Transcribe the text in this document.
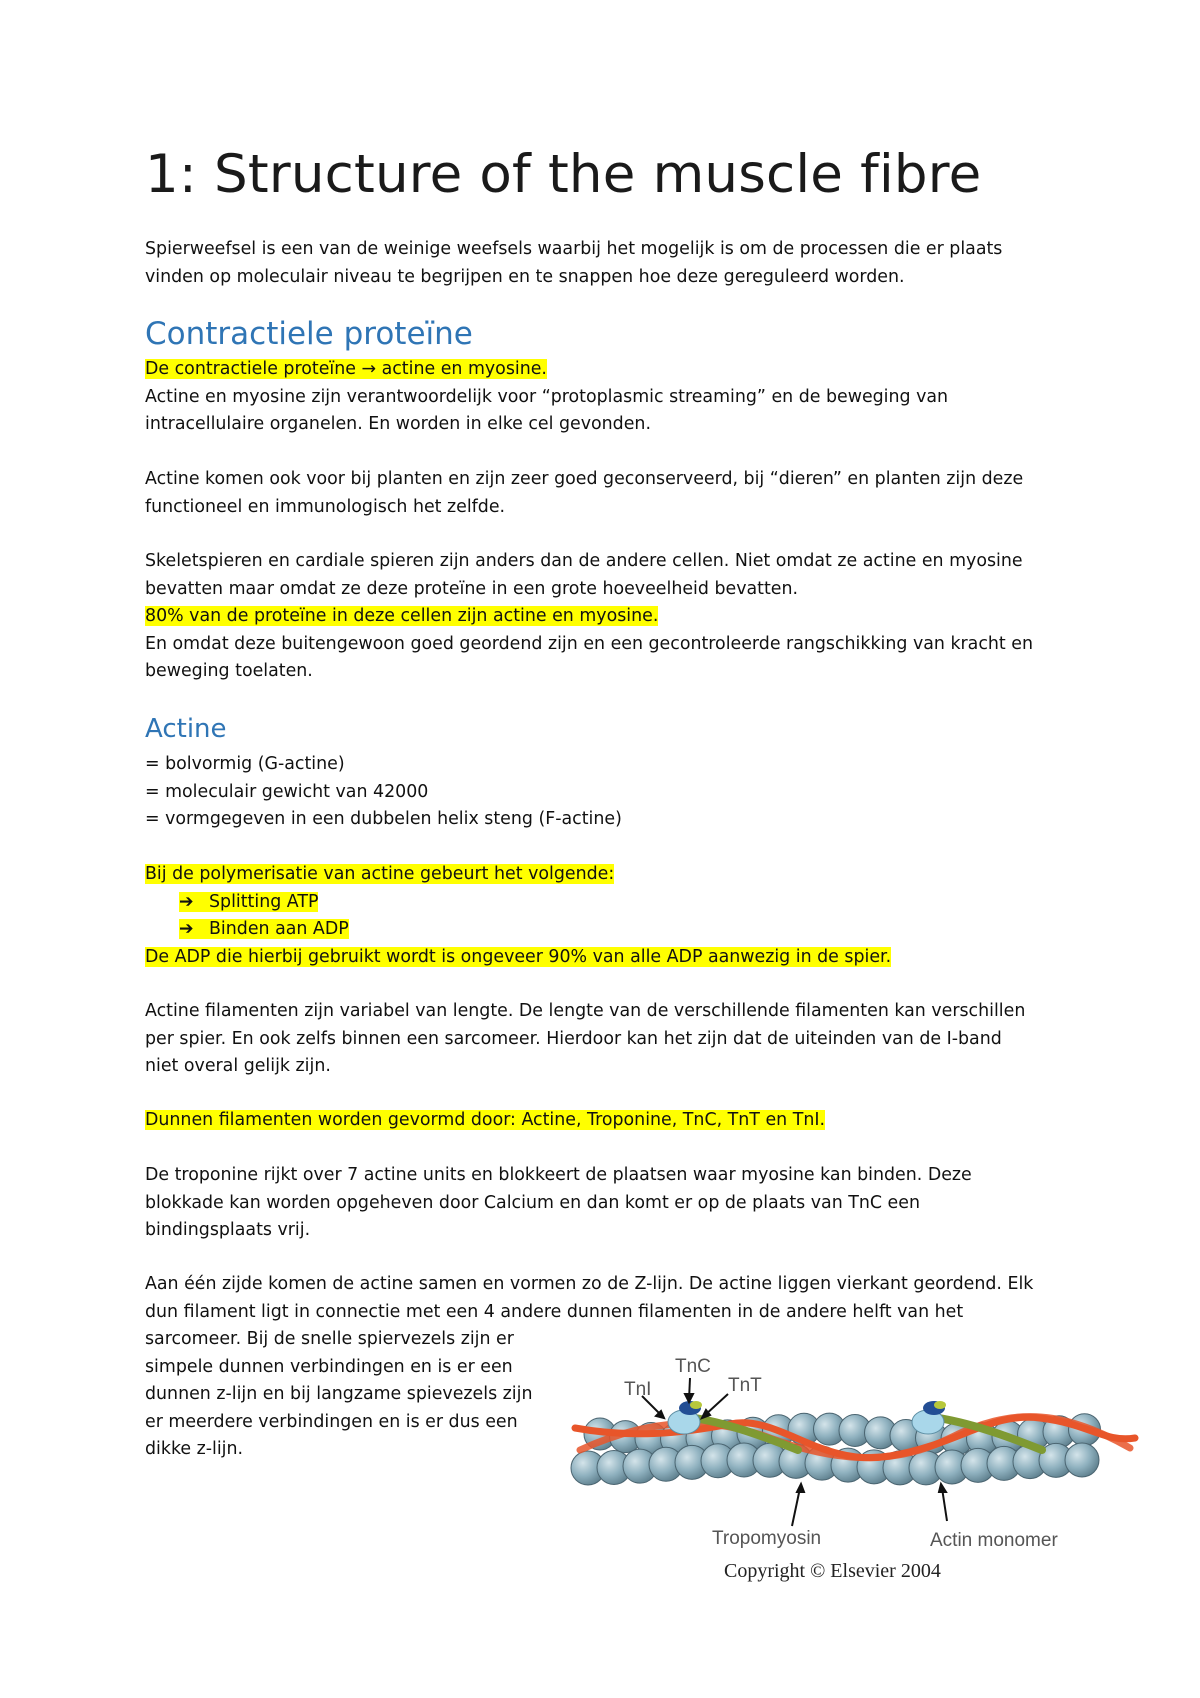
1: Structure of the muscle fibre

Spierweefsel is een van de weinige weefsels waarbij het mogelijk is om de processen die er plaats
vinden op moleculair niveau te begrijpen en te snappen hoe deze gereguleerd worden.

Contractiele proteïne

De contractiele proteïne → actine en myosine.
Actine en myosine zijn verantwoordelijk voor “protoplasmic streaming” en de beweging van
intracellulaire organelen. En worden in elke cel gevonden.

Actine komen ook voor bij planten en zijn zeer goed geconserveerd, bij “dieren” en planten zijn deze
functioneel en immunologisch het zelfde.

Skeletspieren en cardiale spieren zijn anders dan de andere cellen. Niet omdat ze actine en myosine
bevatten maar omdat ze deze proteïne in een grote hoeveelheid bevatten.
80% van de proteïne in deze cellen zijn actine en myosine.
En omdat deze buitengewoon goed geordend zijn en een gecontroleerde rangschikking van kracht en
beweging toelaten.

Actine

= bolvormig (G-actine)
= moleculair gewicht van 42000
= vormgegeven in een dubbelen helix steng (F-actine)

Bij de polymerisatie van actine gebeurt het volgende:
➔ Splitting ATP
➔ Binden aan ADP
De ADP die hierbij gebruikt wordt is ongeveer 90% van alle ADP aanwezig in de spier.

Actine filamenten zijn variabel van lengte. De lengte van de verschillende filamenten kan verschillen
per spier. En ook zelfs binnen een sarcomeer. Hierdoor kan het zijn dat de uiteinden van de I-band
niet overal gelijk zijn.

Dunnen filamenten worden gevormd door: Actine, Troponine, TnC, TnT en TnI.

De troponine rijkt over 7 actine units en blokkeert de plaatsen waar myosine kan binden. Deze
blokkade kan worden opgeheven door Calcium en dan komt er op de plaats van TnC een
bindingsplaats vrij.

Aan één zijde komen de actine samen en vormen zo de Z-lijn. De actine liggen vierkant geordend. Elk
dun filament ligt in connectie met een 4 andere dunnen filamenten in de andere helft van het
sarcomeer. Bij de snelle spiervezels zijn er
simpele dunnen verbindingen en is er een
dunnen z-lijn en bij langzame spievezels zijn
er meerdere verbindingen en is er dus een
dikke z-lijn.

TnC
TnI	TnT
Tropomyosin	Actin monomer
Copyright © Elsevier 2004
